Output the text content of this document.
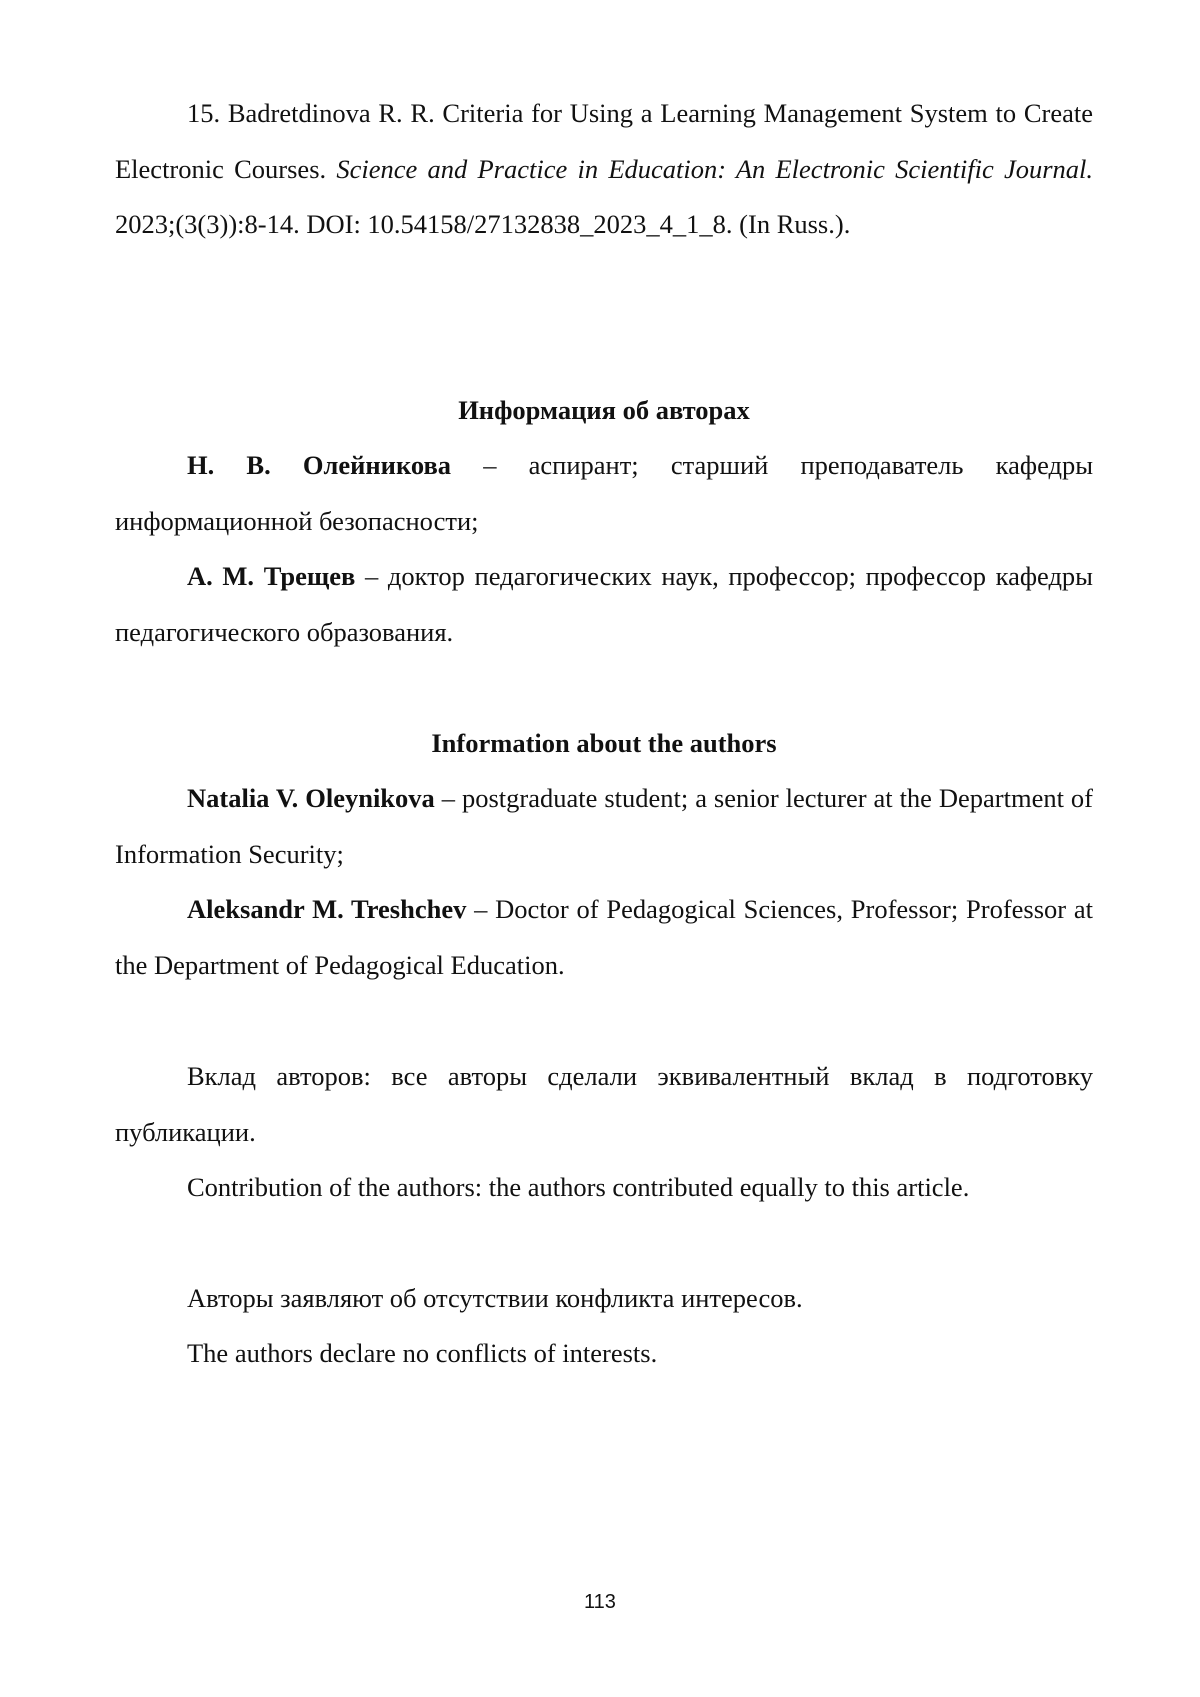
15. Badretdinova R. R. Criteria for Using a Learning Management System to Create Electronic Courses. Science and Practice in Education: An Electronic Scientific Journal. 2023;(3(3)):8-14. DOI: 10.54158/27132838_2023_4_1_8. (In Russ.).

Информация об авторах

Н. В. Олейникова – аспирант; старший преподаватель кафедры информационной безопасности;

А. М. Трещев – доктор педагогических наук, профессор; профессор кафедры педагогического образования.

Information about the authors

Natalia V. Oleynikova – postgraduate student; a senior lecturer at the Department of Information Security;

Aleksandr M. Treshchev – Doctor of Pedagogical Sciences, Professor; Professor at the Department of Pedagogical Education.

Вклад авторов: все авторы сделали эквивалентный вклад в подготовку публикации.

Contribution of the authors: the authors contributed equally to this article.

Авторы заявляют об отсутствии конфликта интересов.

The authors declare no conflicts of interests.

113
